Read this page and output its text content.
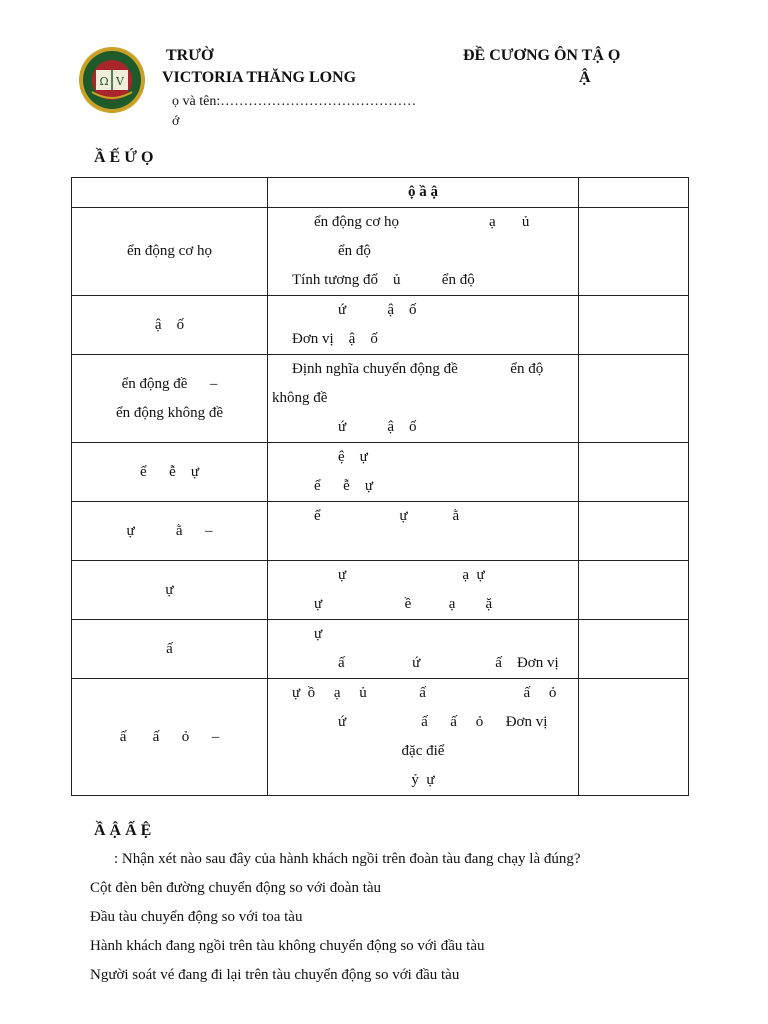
Ω V
TRƯỜ
VICTORIA THĂNG LONG
ĐỀ CƯƠNG ÔN TẬ Ọ
Ậ
ọ và tên:……………………………………
ớ
Ầ Ế Ứ Ọ
	ộ ầ ậ	

ển động cơ họ	ển động cơ họ                        ạ       ủ
ển độ
Tính tương đố    ủ           ển độ	

ậ    ố	ứ           ậ    ố
Đơn vị    ậ    ố	

ển động đề      –
ển động không đề	Định nghĩa chuyển động đề              ển độ
không đề
ứ           ậ    ố	

ể      ễ    ự	ệ    ự
ể      ễ    ự	

ự           ằ      –	ể                     ự            ằ	

ự	ự                               ạ  ự
ự                      ề          ạ        ặ	

ấ	ự
ấ                  ứ                    ấ    Đơn vị	

ấ       ấ      ỏ      –	ự  ồ     ạ     ủ              ấ                          ấ     ỏ
ứ                    ấ      ấ     ỏ      Đơn vị
đặc điể
ỷ  ự	

Ầ Ậ Ấ Ệ
: Nhận xét nào sau đây của hành khách ngồi trên đoàn tàu đang chạy là đúng?
Cột đèn bên đường chuyển động so với đoàn tàu
Đầu tàu chuyển động so với toa tàu
Hành khách đang ngồi trên tàu không chuyển động so với đầu tàu
Người soát vé đang đi lại trên tàu chuyển động so với đầu tàu
